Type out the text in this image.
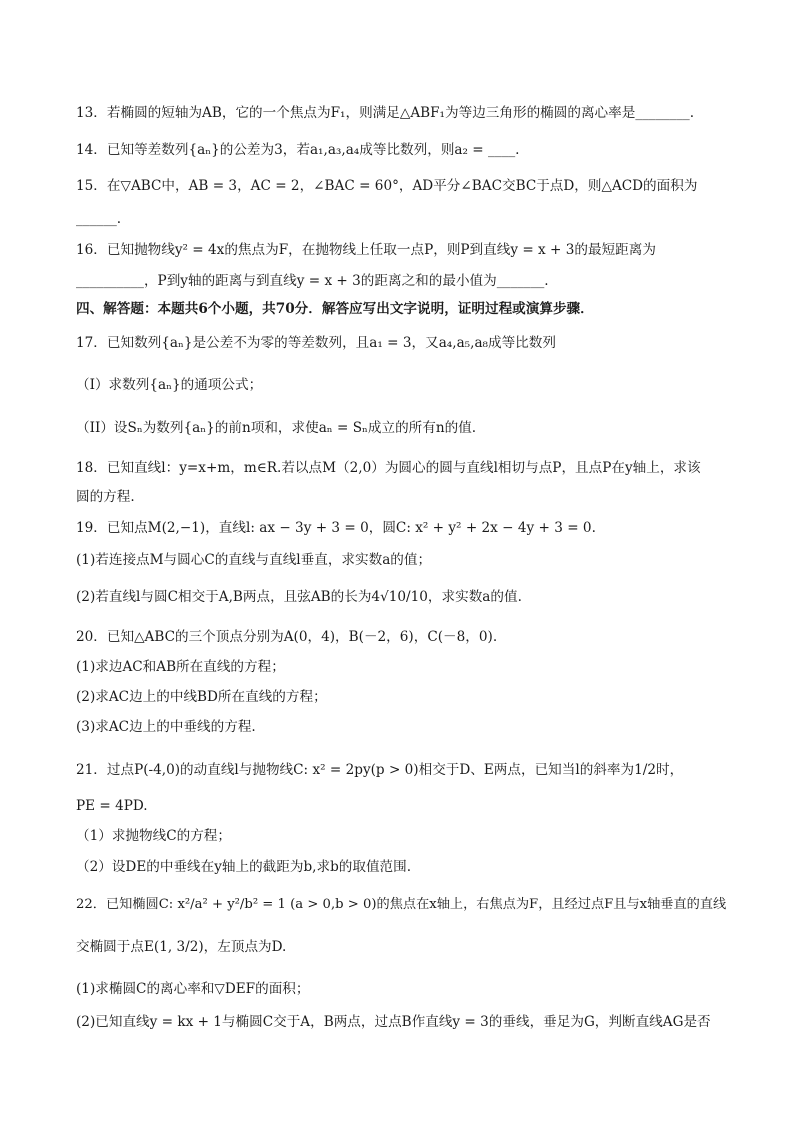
13．若椭圆的短轴为AB，它的一个焦点为F₁，则满足△ABF₁为等边三角形的椭圆的离心率是________.
14．已知等差数列{aₙ}的公差为3，若a₁,a₃,a₄成等比数列，则a₂ = ____.
15．在▽ABC中，AB = 3，AC = 2，∠BAC = 60°，AD平分∠BAC交BC于点D，则△ACD的面积为
______.
16．已知抛物线y² = 4x的焦点为F，在抛物线上任取一点P，则P到直线y = x + 3的最短距离为
__________，P到y轴的距离与到直线y = x + 3的距离之和的最小值为_______.
四、解答题：本题共6个小题，共70分．解答应写出文字说明，证明过程或演算步骤．
17．已知数列{aₙ}是公差不为零的等差数列，且a₁ = 3，又a₄,a₅,a₈成等比数列
（I）求数列{aₙ}的通项公式；
（II）设Sₙ为数列{aₙ}的前n项和，求使aₙ = Sₙ成立的所有n的值.
18．已知直线l：y=x+m，m∈R.若以点M（2,0）为圆心的圆与直线l相切与点P，且点P在y轴上，求该
圆的方程.
19．已知点M(2,−1)，直线l: ax − 3y + 3 = 0，圆C: x² + y² + 2x − 4y + 3 = 0.
(1)若连接点M与圆心C的直线与直线l垂直，求实数a的值；
(2)若直线l与圆C相交于A,B两点，且弦AB的长为4√10/10，求实数a的值.
20．已知△ABC的三个顶点分别为A(0，4)，B(－2，6)，C(－8，0).
(1)求边AC和AB所在直线的方程；
(2)求AC边上的中线BD所在直线的方程；
(3)求AC边上的中垂线的方程.
21．过点P(-4,0)的动直线l与抛物线C: x² = 2py(p > 0)相交于D、E两点，已知当l的斜率为1/2时，
PE = 4PD.
（1）求抛物线C的方程；
（2）设DE的中垂线在y轴上的截距为b,求b的取值范围.
22．已知椭圆C: x²/a² + y²/b² = 1 (a > 0,b > 0)的焦点在x轴上，右焦点为F，且经过点F且与x轴垂直的直线
交椭圆于点E(1, 3/2)，左顶点为D.
(1)求椭圆C的离心率和▽DEF的面积；
(2)已知直线y = kx + 1与椭圆C交于A，B两点，过点B作直线y = 3的垂线，垂足为G，判断直线AG是否
